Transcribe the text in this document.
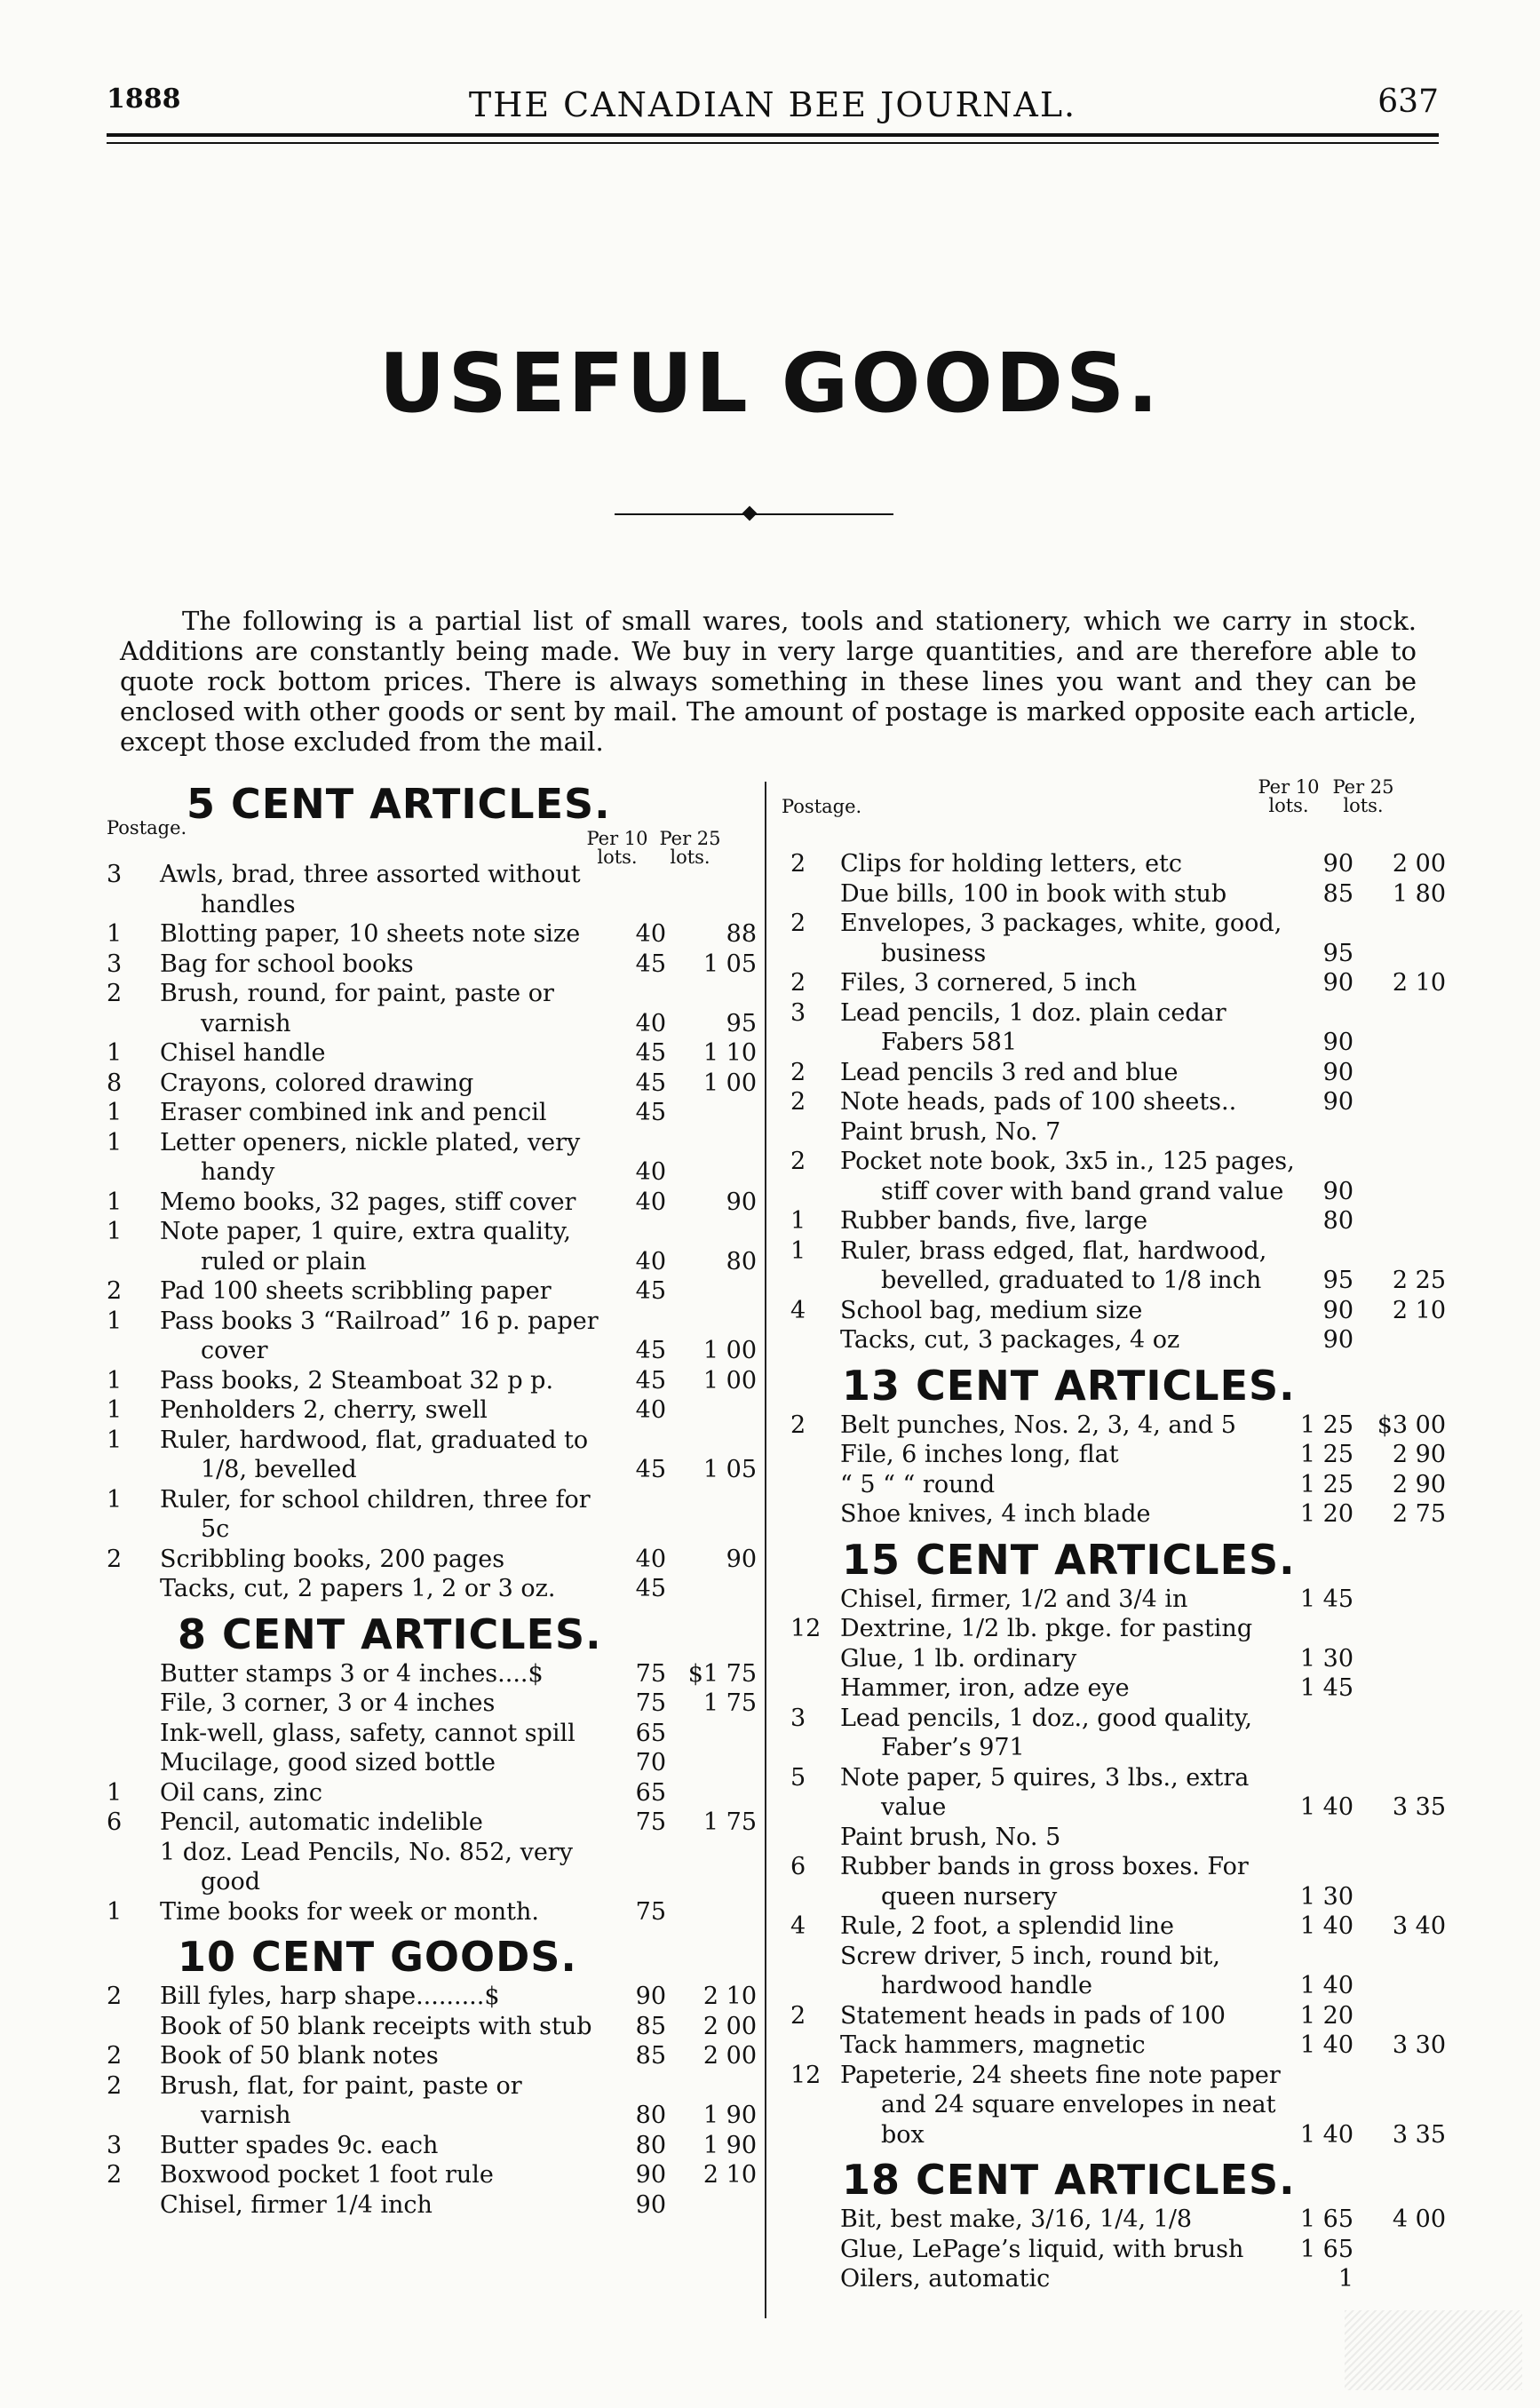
1888	THE CANADIAN BEE JOURNAL.	637
USEFUL GOODS.

The following is a partial list of small wares, tools and stationery, which we carry in stock. Additions are constantly being made. We buy in very large quantities, and are therefore able to quote rock bottom prices. There is always something in these lines you want and they can be enclosed with other goods or sent by mail. The amount of postage is marked opposite each article, except those excluded from the mail.

Postage. 5 CENT ARTICLES.
Per 10 lots.
Per 25 lots.
3	Awls, brad, three assorted without handles
1	Blotting paper, 10 sheets note size	40	88
3	Bag for school books	45	1 05
2	Brush, round, for paint, paste or varnish	40	95
1	Chisel handle	45	1 10
8	Crayons, colored drawing	45	1 00
1	Eraser combined ink and pencil	45
1	Letter openers, nickle plated, very handy	40
1	Memo books, 32 pages, stiff cover	40	90
1	Note paper, 1 quire, extra quality, ruled or plain	40	80
2	Pad 100 sheets scribbling paper	45
1	Pass books 3 “Railroad” 16 p. paper cover	45	1 00
1	Pass books, 2 Steamboat 32 p p.	45	1 00
1	Penholders 2, cherry, swell	40
1	Ruler, hardwood, flat, graduated to 1/8, bevelled	45	1 05
1	Ruler, for school children, three for 5c
2	Scribbling books, 200 pages	40	90
Tacks, cut, 2 papers 1, 2 or 3 oz.	45
8 CENT ARTICLES.
Butter stamps 3 or 4 inches....$	75 $1 75
File, 3 corner, 3 or 4 inches	75	1 75
Ink-well, glass, safety, cannot spill	65
Mucilage, good sized bottle	70
1	Oil cans, zinc	65
6	Pencil, automatic indelible	75	1 75
1 doz. Lead Pencils, No. 852, very good
1	Time books for week or month.	75
10 CENT GOODS.
2	Bill fyles, harp shape.........$	90	2 10
Book of 50 blank receipts with stub	85	2 00
2	Book of 50 blank notes	85	2 00
2	Brush, flat, for paint, paste or varnish	80	1 90
3	Butter spades 9c. each	80	1 90
2	Boxwood pocket 1 foot rule	90	2 10
Chisel, firmer 1/4 inch	90
Postage.
Per 10 lots.
Per 25 lots.
2	Clips for holding letters, etc	90	2 00
Due bills, 100 in book with stub	85	1 80
2	Envelopes, 3 packages, white, good, business	95
2	Files, 3 cornered, 5 inch	90	2 10
3	Lead pencils, 1 doz. plain cedar Fabers 581	90
2	Lead pencils 3 red and blue	90
2	Note heads, pads of 100 sheets..	90
Paint brush, No. 7
2	Pocket note book, 3x5 in., 125 pages, stiff cover with band grand value	90
1	Rubber bands, five, large	80
1	Ruler, brass edged, flat, hardwood, bevelled, graduated to 1/8 inch	95	2 25
4	School bag, medium size	90	2 10
Tacks, cut, 3 packages, 4 oz	90
13 CENT ARTICLES.
2	Belt punches, Nos. 2, 3, 4, and 5	1 25 $3 00
File, 6 inches long, flat	1 25	2 90
“ 5 “ “ round	1 25	2 90
Shoe knives, 4 inch blade	1 20	2 75
15 CENT ARTICLES.
Chisel, firmer, 1/2 and 3/4 in	1 45
12 Dextrine, 1/2 lb. pkge. for pasting
Glue, 1 lb. ordinary	1 30
Hammer, iron, adze eye	1 45
3	Lead pencils, 1 doz., good quality, Faber’s 971
5	Note paper, 5 quires, 3 lbs., extra value	1 40	3 35
Paint brush, No. 5
6	Rubber bands in gross boxes. For queen nursery	1 30
4	Rule, 2 foot, a splendid line	1 40	3 40
Screw driver, 5 inch, round bit, hardwood handle	1 40
2	Statement heads in pads of 100	1 20
Tack hammers, magnetic	1 40	3 30
12 Papeterie, 24 sheets fine note paper and 24 square envelopes in neat box	1 40	3 35
18 CENT ARTICLES.
Bit, best make, 3/16, 1/4, 1/8	1 65	4 00
Glue, LePage’s liquid, with brush	1 65
Oilers, automatic	1
